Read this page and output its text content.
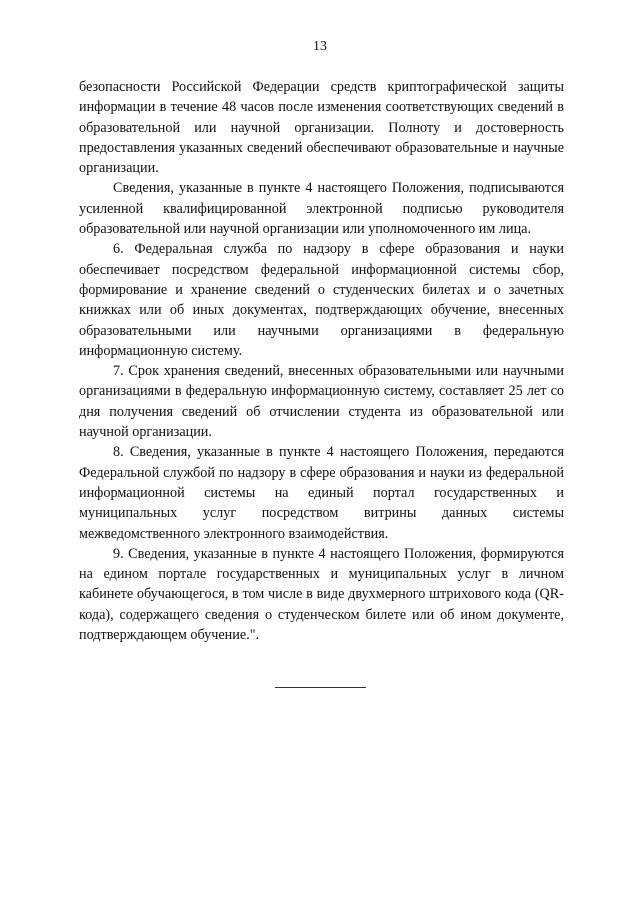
13

безопасности Российской Федерации средств криптографической защиты информации в течение 48 часов после изменения соответствующих сведений в образовательной или научной организации. Полноту и достоверность предоставления указанных сведений обеспечивают образовательные и научные организации.

Сведения, указанные в пункте 4 настоящего Положения, подписываются усиленной квалифицированной электронной подписью руководителя образовательной или научной организации или уполномоченного им лица.

6. Федеральная служба по надзору в сфере образования и науки обеспечивает посредством федеральной информационной системы сбор, формирование и хранение сведений о студенческих билетах и о зачетных книжках или об иных документах, подтверждающих обучение, внесенных образовательными или научными организациями в федеральную информационную систему.

7. Срок хранения сведений, внесенных образовательными или научными организациями в федеральную информационную систему, составляет 25 лет со дня получения сведений об отчислении студента из образовательной или научной организации.

8. Сведения, указанные в пункте 4 настоящего Положения, передаются Федеральной службой по надзору в сфере образования и науки из федеральной информационной системы на единый портал государственных и муниципальных услуг посредством витрины данных системы межведомственного электронного взаимодействия.

9. Сведения, указанные в пункте 4 настоящего Положения, формируются на едином портале государственных и муниципальных услуг в личном кабинете обучающегося, в том числе в виде двухмерного штрихового кода (QR-кода), содержащего сведения о студенческом билете или об ином документе, подтверждающем обучение.".
